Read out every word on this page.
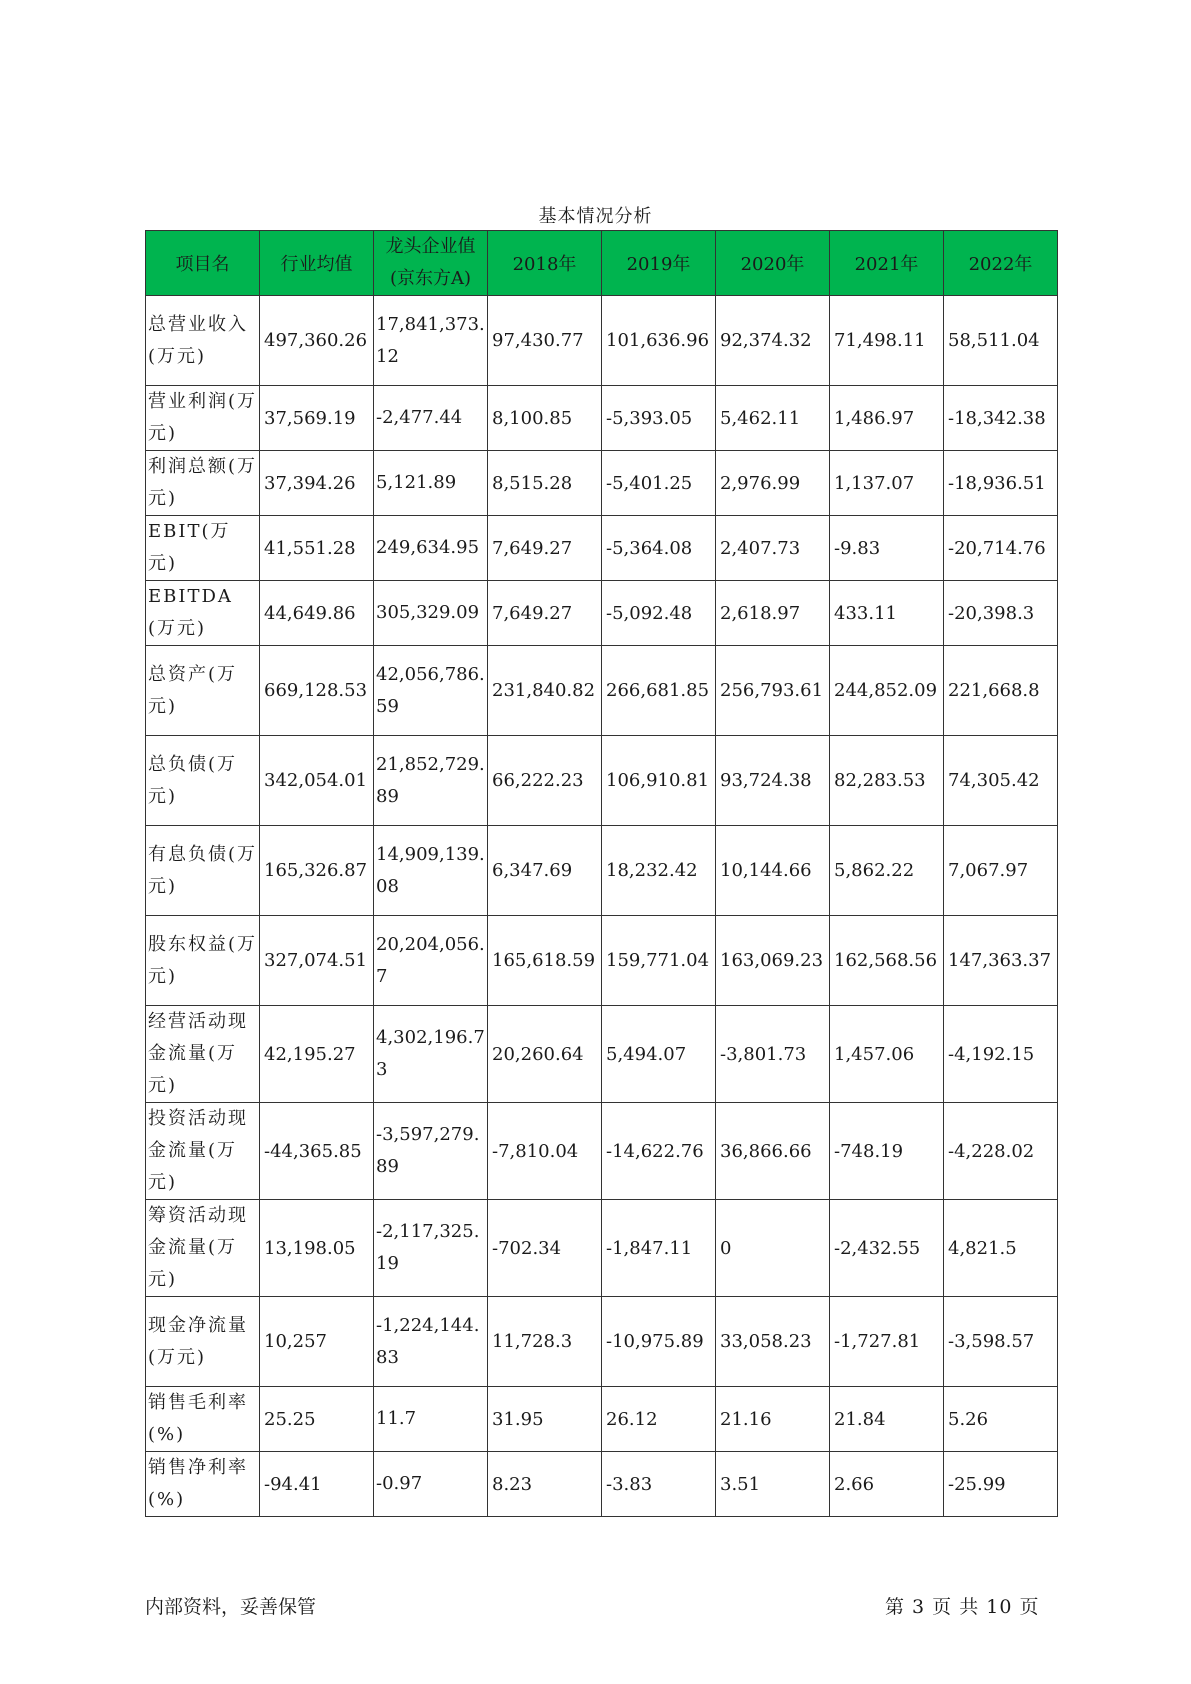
基本情况分析
项目名	行业均值	龙头企业值(京东方A)	2018年	2019年	2020年	2021年	2022年
总营业收入(万元)	497,360.26	17,841,373.12	97,430.77	101,636.96	92,374.32	71,498.11	58,511.04
营业利润(万元)	37,569.19	-2,477.44	8,100.85	-5,393.05	5,462.11	1,486.97	-18,342.38
利润总额(万元)	37,394.26	5,121.89	8,515.28	-5,401.25	2,976.99	1,137.07	-18,936.51
EBIT(万元)	41,551.28	249,634.95	7,649.27	-5,364.08	2,407.73	-9.83	-20,714.76
EBITDA(万元)	44,649.86	305,329.09	7,649.27	-5,092.48	2,618.97	433.11	-20,398.3
总资产(万元)	669,128.53	42,056,786.59	231,840.82	266,681.85	256,793.61	244,852.09	221,668.8
总负债(万元)	342,054.01	21,852,729.89	66,222.23	106,910.81	93,724.38	82,283.53	74,305.42
有息负债(万元)	165,326.87	14,909,139.08	6,347.69	18,232.42	10,144.66	5,862.22	7,067.97
股东权益(万元)	327,074.51	20,204,056.7	165,618.59	159,771.04	163,069.23	162,568.56	147,363.37
经营活动现金流量(万元)	42,195.27	4,302,196.73	20,260.64	5,494.07	-3,801.73	1,457.06	-4,192.15
投资活动现金流量(万元)	-44,365.85	-3,597,279.89	-7,810.04	-14,622.76	36,866.66	-748.19	-4,228.02
筹资活动现金流量(万元)	13,198.05	-2,117,325.19	-702.34	-1,847.11	0	-2,432.55	4,821.5
现金净流量(万元)	10,257	-1,224,144.83	11,728.3	-10,975.89	33,058.23	-1,727.81	-3,598.57
销售毛利率(%)	25.25	11.7	31.95	26.12	21.16	21.84	5.26
销售净利率(%)	-94.41	-0.97	8.23	-3.83	3.51	2.66	-25.99
内部资料，妥善保管	第 3 页 共 10 页
